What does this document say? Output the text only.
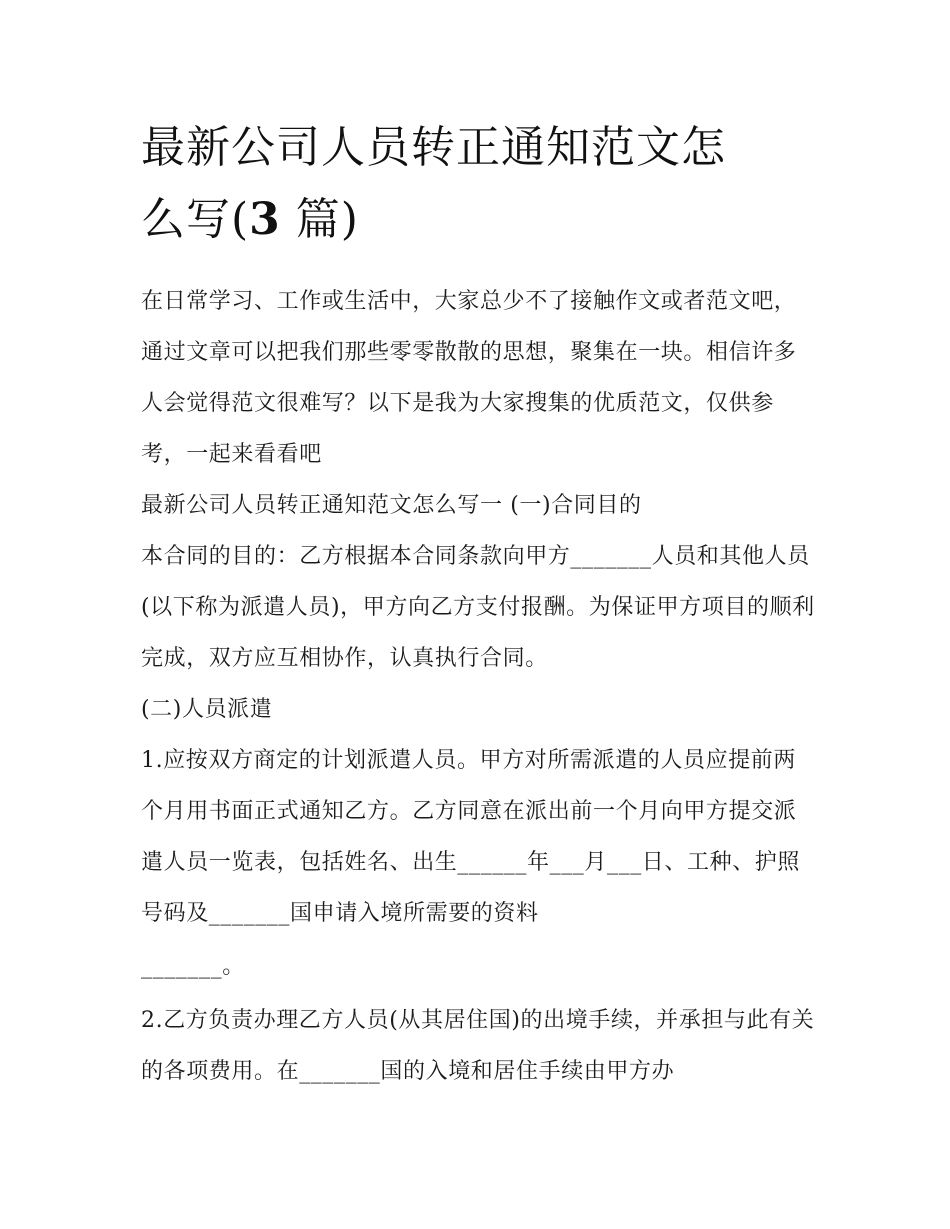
最新公司人员转正通知范文怎
么写(3 篇)

在日常学习、工作或生活中，大家总少不了接触作文或者范文吧，通过文章可以把我们那些零零散散的思想，聚集在一块。相信许多人会觉得范文很难写？以下是我为大家搜集的优质范文，仅供参考，一起来看看吧

最新公司人员转正通知范文怎么写一 (一)合同目的

本合同的目的：乙方根据本合同条款向甲方_______人员和其他人员(以下称为派遣人员)，甲方向乙方支付报酬。为保证甲方项目的顺利完成，双方应互相协作，认真执行合同。

(二)人员派遣

1.应按双方商定的计划派遣人员。甲方对所需派遣的人员应提前两个月用书面正式通知乙方。乙方同意在派出前一个月向甲方提交派遣人员一览表，包括姓名、出生______年___月___日、工种、护照号码及_______国申请入境所需要的资料

_______。

2.乙方负责办理乙方人员(从其居住国)的出境手续，并承担与此有关的各项费用。在_______国的入境和居住手续由甲方办
